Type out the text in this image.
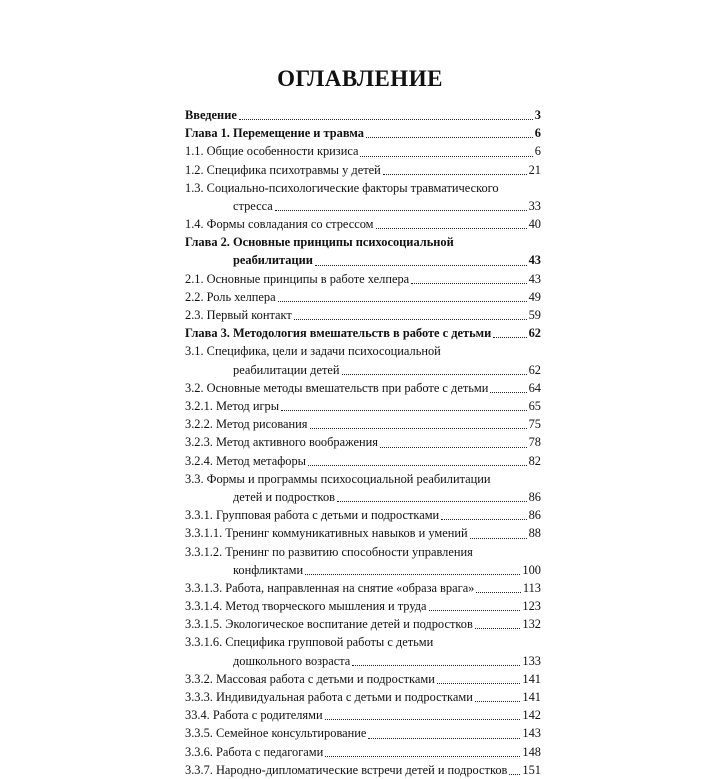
ОГЛАВЛЕНИЕ
Введение	3
Глава 1. Перемещение и травма	6
1.1. Общие особенности кризиса	6
1.2. Специфика психотравмы у детей	21
1.3. Социально-психологические факторы травматического
стресса	33
1.4. Формы совладания со стрессом	40
Глава 2. Основные принципы психосоциальной
реабилитации	43
2.1. Основные принципы в работе хелпера	43
2.2. Роль хелпера	49
2.3. Первый контакт	59
Глава 3. Методология вмешательств в работе с детьми	62
3.1. Специфика, цели и задачи психосоциальной
реабилитации детей	62
3.2. Основные методы вмешательств при работе с детьми	64
3.2.1. Метод игры	65
3.2.2. Метод рисования	75
3.2.3. Метод активного воображения	78
3.2.4. Метод метафоры	82
3.3. Формы и программы психосоциальной реабилитации
детей и подростков	86
3.3.1. Групповая работа с детьми и подростками	86
3.3.1.1. Тренинг коммуникативных навыков и умений	88
3.3.1.2. Тренинг по развитию способности управления
конфликтами	100
3.3.1.3. Работа, направленная на снятие «образа врага»	113
3.3.1.4. Метод творческого мышления и труда	123
3.3.1.5. Экологическое воспитание детей и подростков	132
3.3.1.6. Специфика групповой работы с детьми
дошкольного возраста	133
3.3.2. Массовая работа с детьми и подростками	141
3.3.3. Индивидуальная работа с детьми и подростками	141
33.4. Работа с родителями	142
3.3.5. Семейное консультирование	143
3.3.6. Работа с педагогами	148
3.3.7. Народно-дипломатические встречи детей и подростков 151
